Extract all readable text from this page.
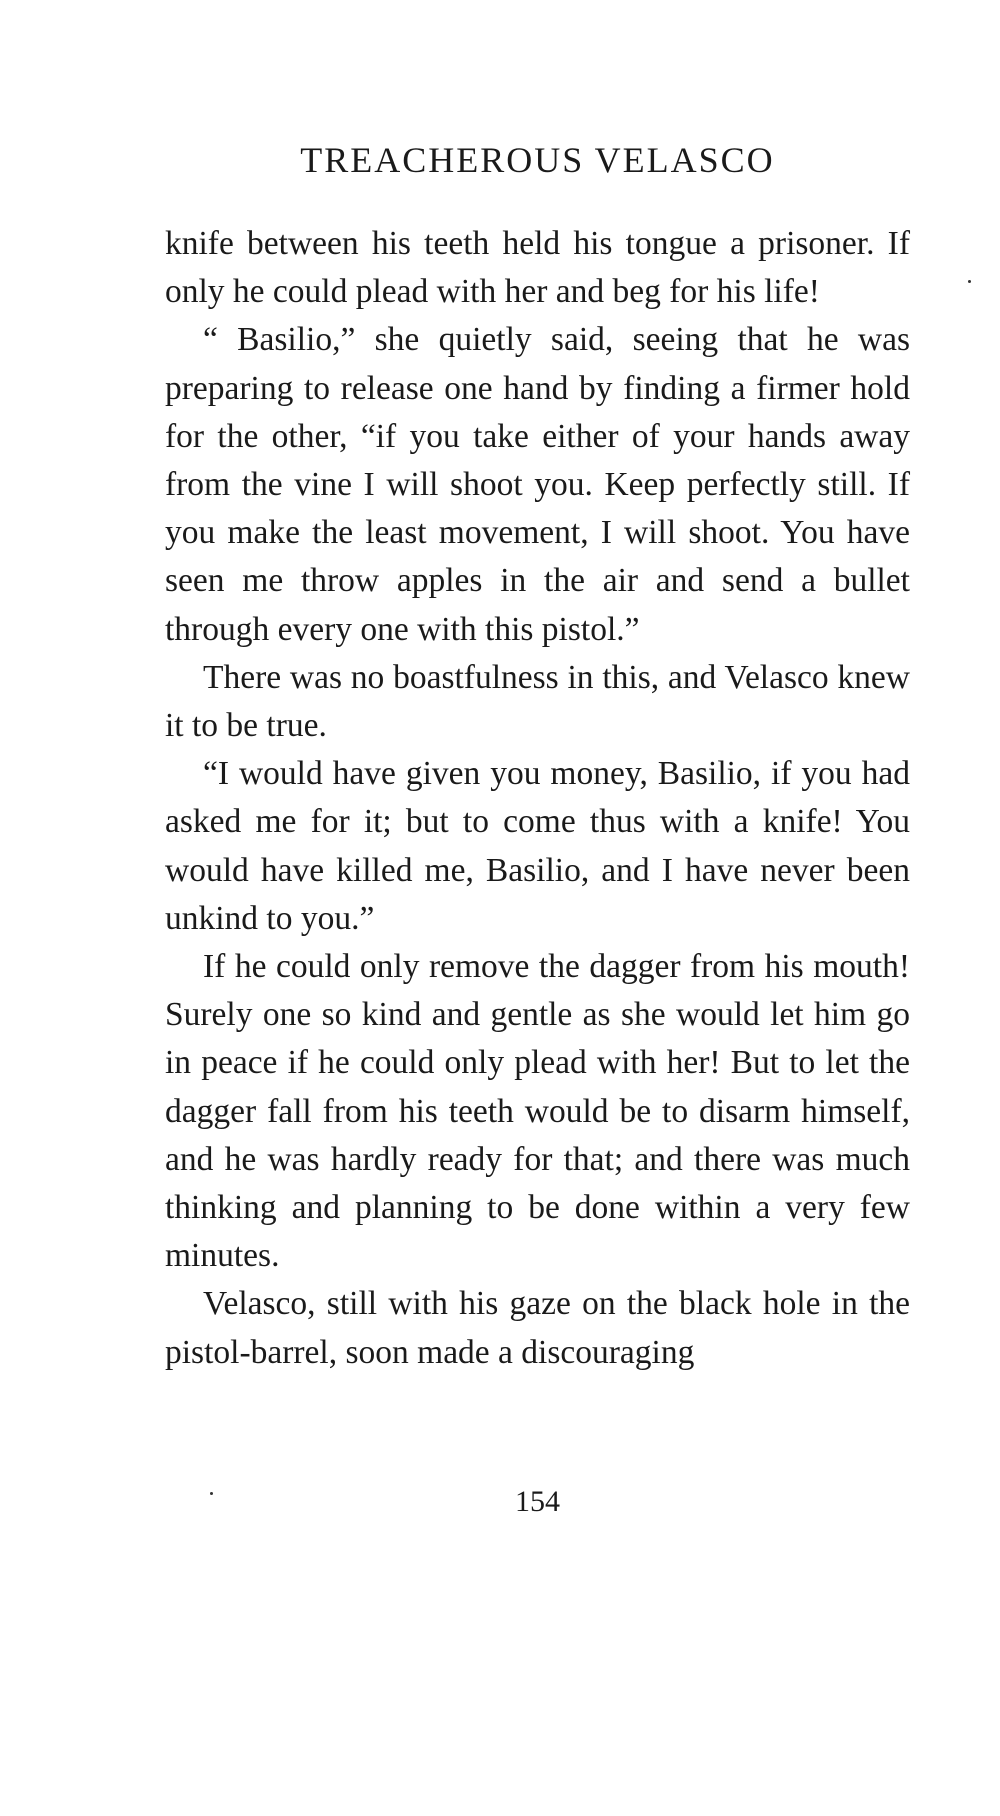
TREACHEROUS VELASCO

knife between his teeth held his tongue a prisoner. If only he could plead with her and beg for his life!

“ Basilio,” she quietly said, seeing that he was preparing to release one hand by finding a firmer hold for the other, “if you take either of your hands away from the vine I will shoot you. Keep perfectly still. If you make the least movement, I will shoot. You have seen me throw apples in the air and send a bullet through every one with this pistol.”

There was no boastfulness in this, and Velasco knew it to be true.

“I would have given you money, Basilio, if you had asked me for it; but to come thus with a knife! You would have killed me, Basilio, and I have never been unkind to you.”

If he could only remove the dagger from his mouth! Surely one so kind and gentle as she would let him go in peace if he could only plead with her! But to let the dagger fall from his teeth would be to disarm himself, and he was hardly ready for that; and there was much thinking and planning to be done within a very few minutes.

Velasco, still with his gaze on the black hole in the pistol-barrel, soon made a discouraging

154
